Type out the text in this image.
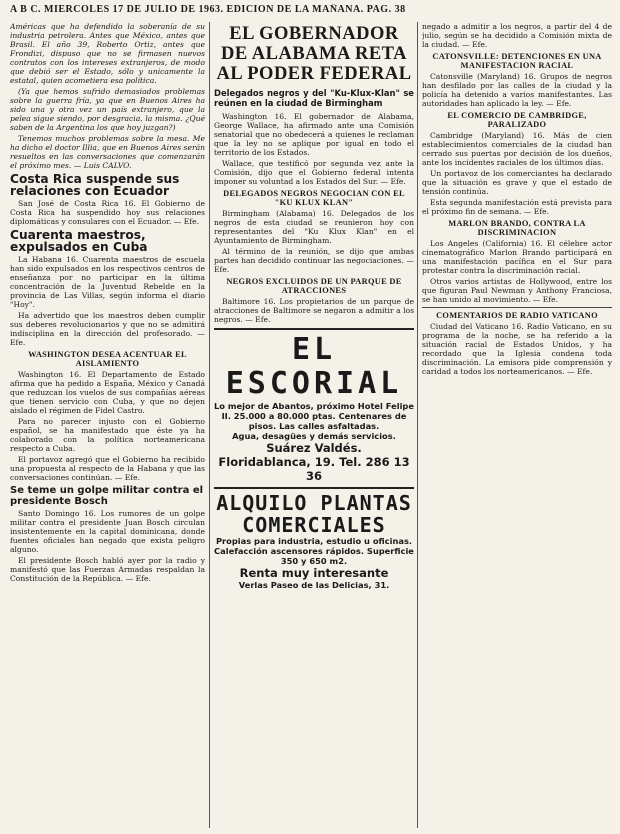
A B C. MIERCOLES 17 DE JULIO DE 1963. EDICION DE LA MAÑANA. PAG. 38

Américas que ha defendido la soberanía de su industria petrolera. Antes que México, antes que Brasil. El año 39, Roberto Ortiz, antes que Frondizi, dispuso que no se firmasen nuevos contratos con los intereses extranjeros, de modo que debió ser el Estado, sólo y unicamente la estatal, quien acometiera esa política.

(Ya que hemos sufrido demasiados problemas sobre la guerra fría, ya que en Buenos Aires ha sido una y otra vez un país extranjero, que la pelea sigue siendo, por desgracia, la misma. ¿Qué saben de la Argentina los que hoy juzgan?)

Tenemos muchos problemas sobre la mesa. Me ha dicho el doctor Illia, que en Buenos Aires serán resueltos en las conversaciones que comenzarán el próximo mes. — Luis CALVO.

Costa Rica suspende sus relaciones con Ecuador

San José de Costa Rica 16. El Gobierno de Costa Rica ha suspendido hoy sus relaciones diplomáticas y consulares con el Ecuador. — Efe.

Cuarenta maestros, expulsados en Cuba

La Habana 16. Cuarenta maestros de escuela han sido expulsados en los respectivos centros de enseñanza por no participar en la última concentración de la Juventud Rebelde en la provincia de Las Villas, según informa el diario "Hoy".

Ha advertido que los maestros deben cumplir sus deberes revolucionarios y que no se admitirá indisciplina en la dirección del profesorado. — Efe.

WASHINGTON DESEA ACENTUAR EL AISLAMIENTO

Washington 16. El Departamento de Estado afirma que ha pedido a España, México y Canadá que reduzcan los vuelos de sus compañías aéreas que tienen servicio con Cuba, y que no dejen aislado el régimen de Fidel Castro.

Para no parecer injusto con el Gobierno español, se ha manifestado que éste ya ha colaborado con la política norteamericana respecto a Cuba.

El portavoz agregó que el Gobierno ha recibido una propuesta al respecto de la Habana y que las conversaciones continúan. — Efe.

Se teme un golpe militar contra el presidente Bosch

Santo Domingo 16. Los rumores de un golpe militar contra el presidente Juan Bosch circulan insistentemente en la capital dominicana, donde fuentes oficiales han negado que exista peligro alguno.

El presidente Bosch habló ayer por la radio y manifestó que las Fuerzas Armadas respaldan la Constitución de la República. — Efe.

EL GOBERNADOR DE ALABAMA RETA AL PODER FEDERAL
Delegados negros y del "Ku-Klux-Klan" se reúnen en la ciudad de Birmingham

Washington 16. El gobernador de Alabama, George Wallace, ha afirmado ante una Comisión senatorial que no obedecerá a quienes le reclaman que la ley no se aplique por igual en todo el territorio de los Estados.

Wallace, que testificó por segunda vez ante la Comisión, dijo que el Gobierno federal intenta imponer su voluntad a los Estados del Sur. — Efe.

DELEGADOS NEGROS NEGOCIAN CON EL "KU KLUX KLAN"

Birmingham (Alabama) 16. Delegados de los negros de esta ciudad se reunieron hoy con representantes del "Ku Klux Klan" en el Ayuntamiento de Birmingham.

Al término de la reunión, se dijo que ambas partes han decidido continuar las negociaciones. — Efe.

NEGROS EXCLUIDOS DE UN PARQUE DE ATRACCIONES

Baltimore 16. Los propietarios de un parque de atracciones de Baltimore se negaron a admitir a los negros. — Efe.

EL ESCORIAL
Lo mejor de Abantos, próximo Hotel Felipe II. 25.000 a 80.000 ptas. Centenares de pisos. Las calles asfaltadas.
Agua, desagües y demás servicios.
Suárez Valdés.
Floridablanca, 19. Tel. 286 13 36
ALQUILO PLANTAS COMERCIALES
Propias para industria, estudio u oficinas. Calefacción ascensores rápidos. Superficie 350 y 650 m2.
Renta muy interesante
Verlas Paseo de las Delicias, 31.

negado a admitir a los negros, a partir del 4 de julio, según se ha decidido a Comisión mixta de la ciudad. — Efe.

CATONSVILLE: DETENCIONES EN UNA MANIFESTACION RACIAL

Catonsville (Maryland) 16. Grupos de negros han desfilado por las calles de la ciudad y la policía ha detenido a varios manifestantes. Las autoridades han aplicado la ley. — Efe.

EL COMERCIO DE CAMBRIDGE, PARALIZADO

Cambridge (Maryland) 16. Más de cien establecimientos comerciales de la ciudad han cerrado sus puertas por decisión de los dueños, ante los incidentes raciales de los últimos días.

Un portavoz de los comerciantes ha declarado que la situación es grave y que el estado de tensión continúa.

Esta segunda manifestación está prevista para el próximo fin de semana. — Efe.

MARLON BRANDO, CONTRA LA DISCRIMINACION

Los Angeles (California) 16. El célebre actor cinematográfico Marlon Brando participará en una manifestación pacífica en el Sur para protestar contra la discriminación racial.

Otros varios artistas de Hollywood, entre los que figuran Paul Newman y Anthony Franciosa, se han unido al movimiento. — Efe.

COMENTARIOS DE RADIO VATICANO

Ciudad del Vaticano 16. Radio Vaticano, en su programa de la noche, se ha referido a la situación racial de Estados Unidos, y ha recordado que la Iglesia condena toda discriminación. La emisora pide comprensión y caridad a todos los norteamericanos. — Efe.
